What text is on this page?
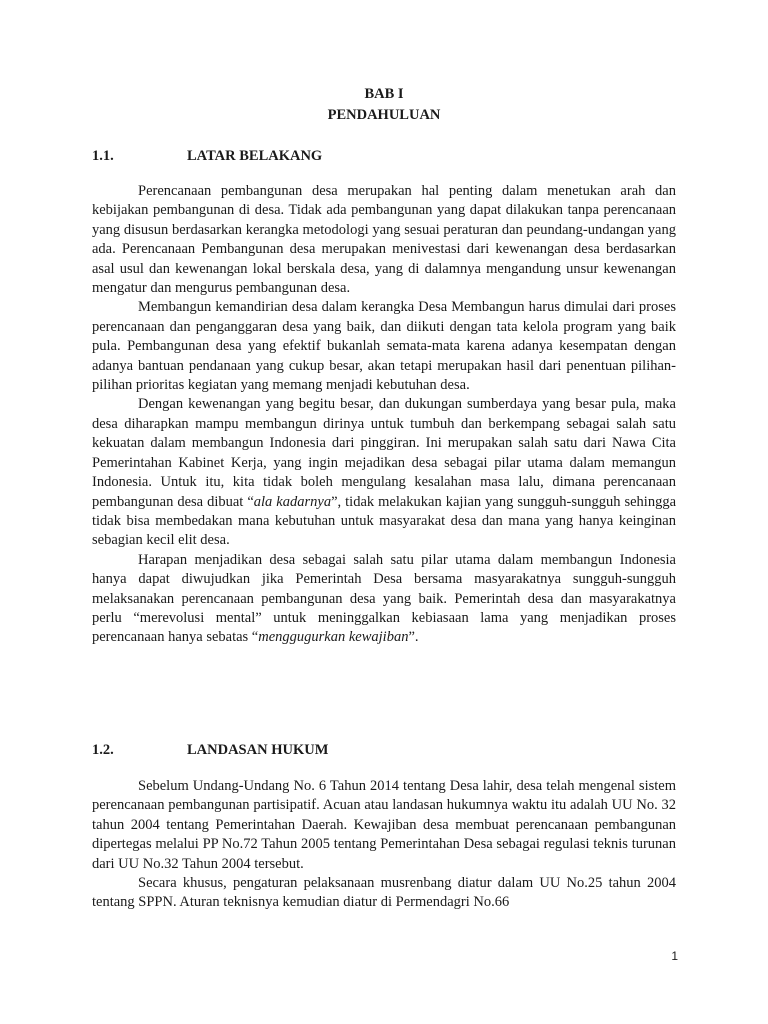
BAB I
PENDAHULUAN
1.1.	LATAR BELAKANG

Perencanaan pembangunan desa merupakan hal penting dalam menetukan arah dan kebijakan pembangunan di desa. Tidak ada pembangunan yang dapat dilakukan tanpa perencanaan yang disusun berdasarkan kerangka metodologi yang sesuai peraturan dan peundang-undangan yang ada. Perencanaan Pembangunan desa merupakan menivestasi dari kewenangan desa berdasarkan asal usul dan kewenangan lokal berskala desa, yang di dalamnya mengandung unsur kewenangan mengatur dan mengurus pembangunan desa.

Membangun kemandirian desa dalam kerangka Desa Membangun harus dimulai dari proses perencanaan dan penganggaran desa yang baik, dan diikuti dengan tata kelola program yang baik pula. Pembangunan desa yang efektif bukanlah semata-mata karena adanya kesempatan dengan adanya bantuan pendanaan yang cukup besar, akan tetapi merupakan hasil dari penentuan pilihan-pilihan prioritas kegiatan yang memang menjadi kebutuhan desa.

Dengan kewenangan yang begitu besar, dan dukungan sumberdaya yang besar pula, maka desa diharapkan mampu membangun dirinya untuk tumbuh dan berkempang sebagai salah satu kekuatan dalam membangun Indonesia dari pinggiran. Ini merupakan salah satu dari Nawa Cita Pemerintahan Kabinet Kerja, yang ingin mejadikan desa sebagai pilar utama dalam memangun Indonesia. Untuk itu, kita tidak boleh mengulang kesalahan masa lalu, dimana perencanaan pembangunan desa dibuat “ala kadarnya”, tidak melakukan kajian yang sungguh-sungguh sehingga tidak bisa membedakan mana kebutuhan untuk masyarakat desa dan mana yang hanya keinginan sebagian kecil elit desa.

Harapan menjadikan desa sebagai salah satu pilar utama dalam membangun Indonesia hanya dapat diwujudkan jika Pemerintah Desa bersama masyarakatnya sungguh-sungguh melaksanakan perencanaan pembangunan desa yang baik. Pemerintah desa dan masyarakatnya perlu “merevolusi mental” untuk meninggalkan kebiasaan lama yang menjadikan proses perencanaan hanya sebatas “menggugurkan kewajiban”.

1.2.	LANDASAN HUKUM

Sebelum Undang-Undang No. 6 Tahun 2014 tentang Desa lahir, desa telah mengenal sistem perencanaan pembangunan partisipatif. Acuan atau landasan hukumnya waktu itu adalah UU No. 32 tahun 2004 tentang Pemerintahan Daerah. Kewajiban desa membuat perencanaan pembangunan dipertegas melalui PP No.72 Tahun 2005 tentang Pemerintahan Desa sebagai regulasi teknis turunan dari UU No.32 Tahun 2004 tersebut.

Secara khusus, pengaturan pelaksanaan musrenbang diatur dalam UU No.25 tahun 2004 tentang SPPN. Aturan teknisnya kemudian diatur di Permendagri No.66

1
